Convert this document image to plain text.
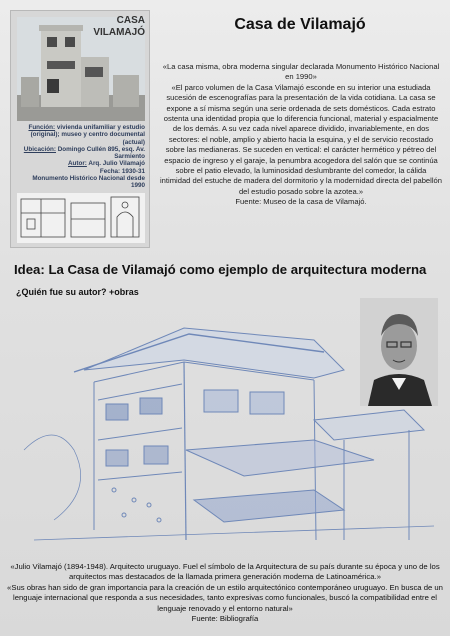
CASA
VILAMAJÓ
Función: vivienda unifamiliar y estudio (original); museo y centro documental (actual)
Ubicación: Domingo Cullén 895, esq. Av. Sarmiento
Autor: Arq. Julio Vilamajó
Fecha: 1930-31
Monumento Histórico Nacional desde 1990
Casa de Vilamajó

«La casa misma, obra moderna singular declarada Monumento Histórico Nacional en 1990»

«El parco volumen de la Casa Vilamajó esconde en su interior una estudiada sucesión de escenografías para la presentación de la vida cotidiana. La casa se expone a sí misma según una serie ordenada de sets domésticos. Cada estrato ostenta una identidad propia que lo diferencia funcional, material y espacialmente de los demás. A su vez cada nivel aparece dividido, invariablemente, en dos sectores: el noble, amplio y abierto hacia la esquina, y el de servicio recostado sobre las medianeras. Se suceden en vertical: el carácter hermético y pétreo del espacio de ingreso y el garaje, la penumbra acogedora del salón que se continúa sobre el patio elevado, la luminosidad deslumbrante del comedor, la cálida intimidad del estuche de madera del dormitorio y la modernidad directa del pabellón del estudio posado sobre la azotea.»

Fuente: Museo de la casa de Vilamajó.

Idea: La Casa de Vilamajó como ejemplo de arquitectura moderna
¿Quién fue su autor? +obras

«Julio Vilamajó (1894-1948). Arquitecto uruguayo. Fuel el símbolo de la Arquitectura de su país durante su época y uno de los arquitectos mas destacados de la llamada primera generación moderna de Latinoamérica.»

«Sus obras han sido de gran importancia para la creación de un estilo arquitectónico contemporáneo uruguayo. En busca de un lenguaje internacional que responda a sus necesidades, tanto expresivas como funcionales, buscó la compatibilidad entre el lenguaje renovado y el entorno natural»

Fuente: Bibliografía
